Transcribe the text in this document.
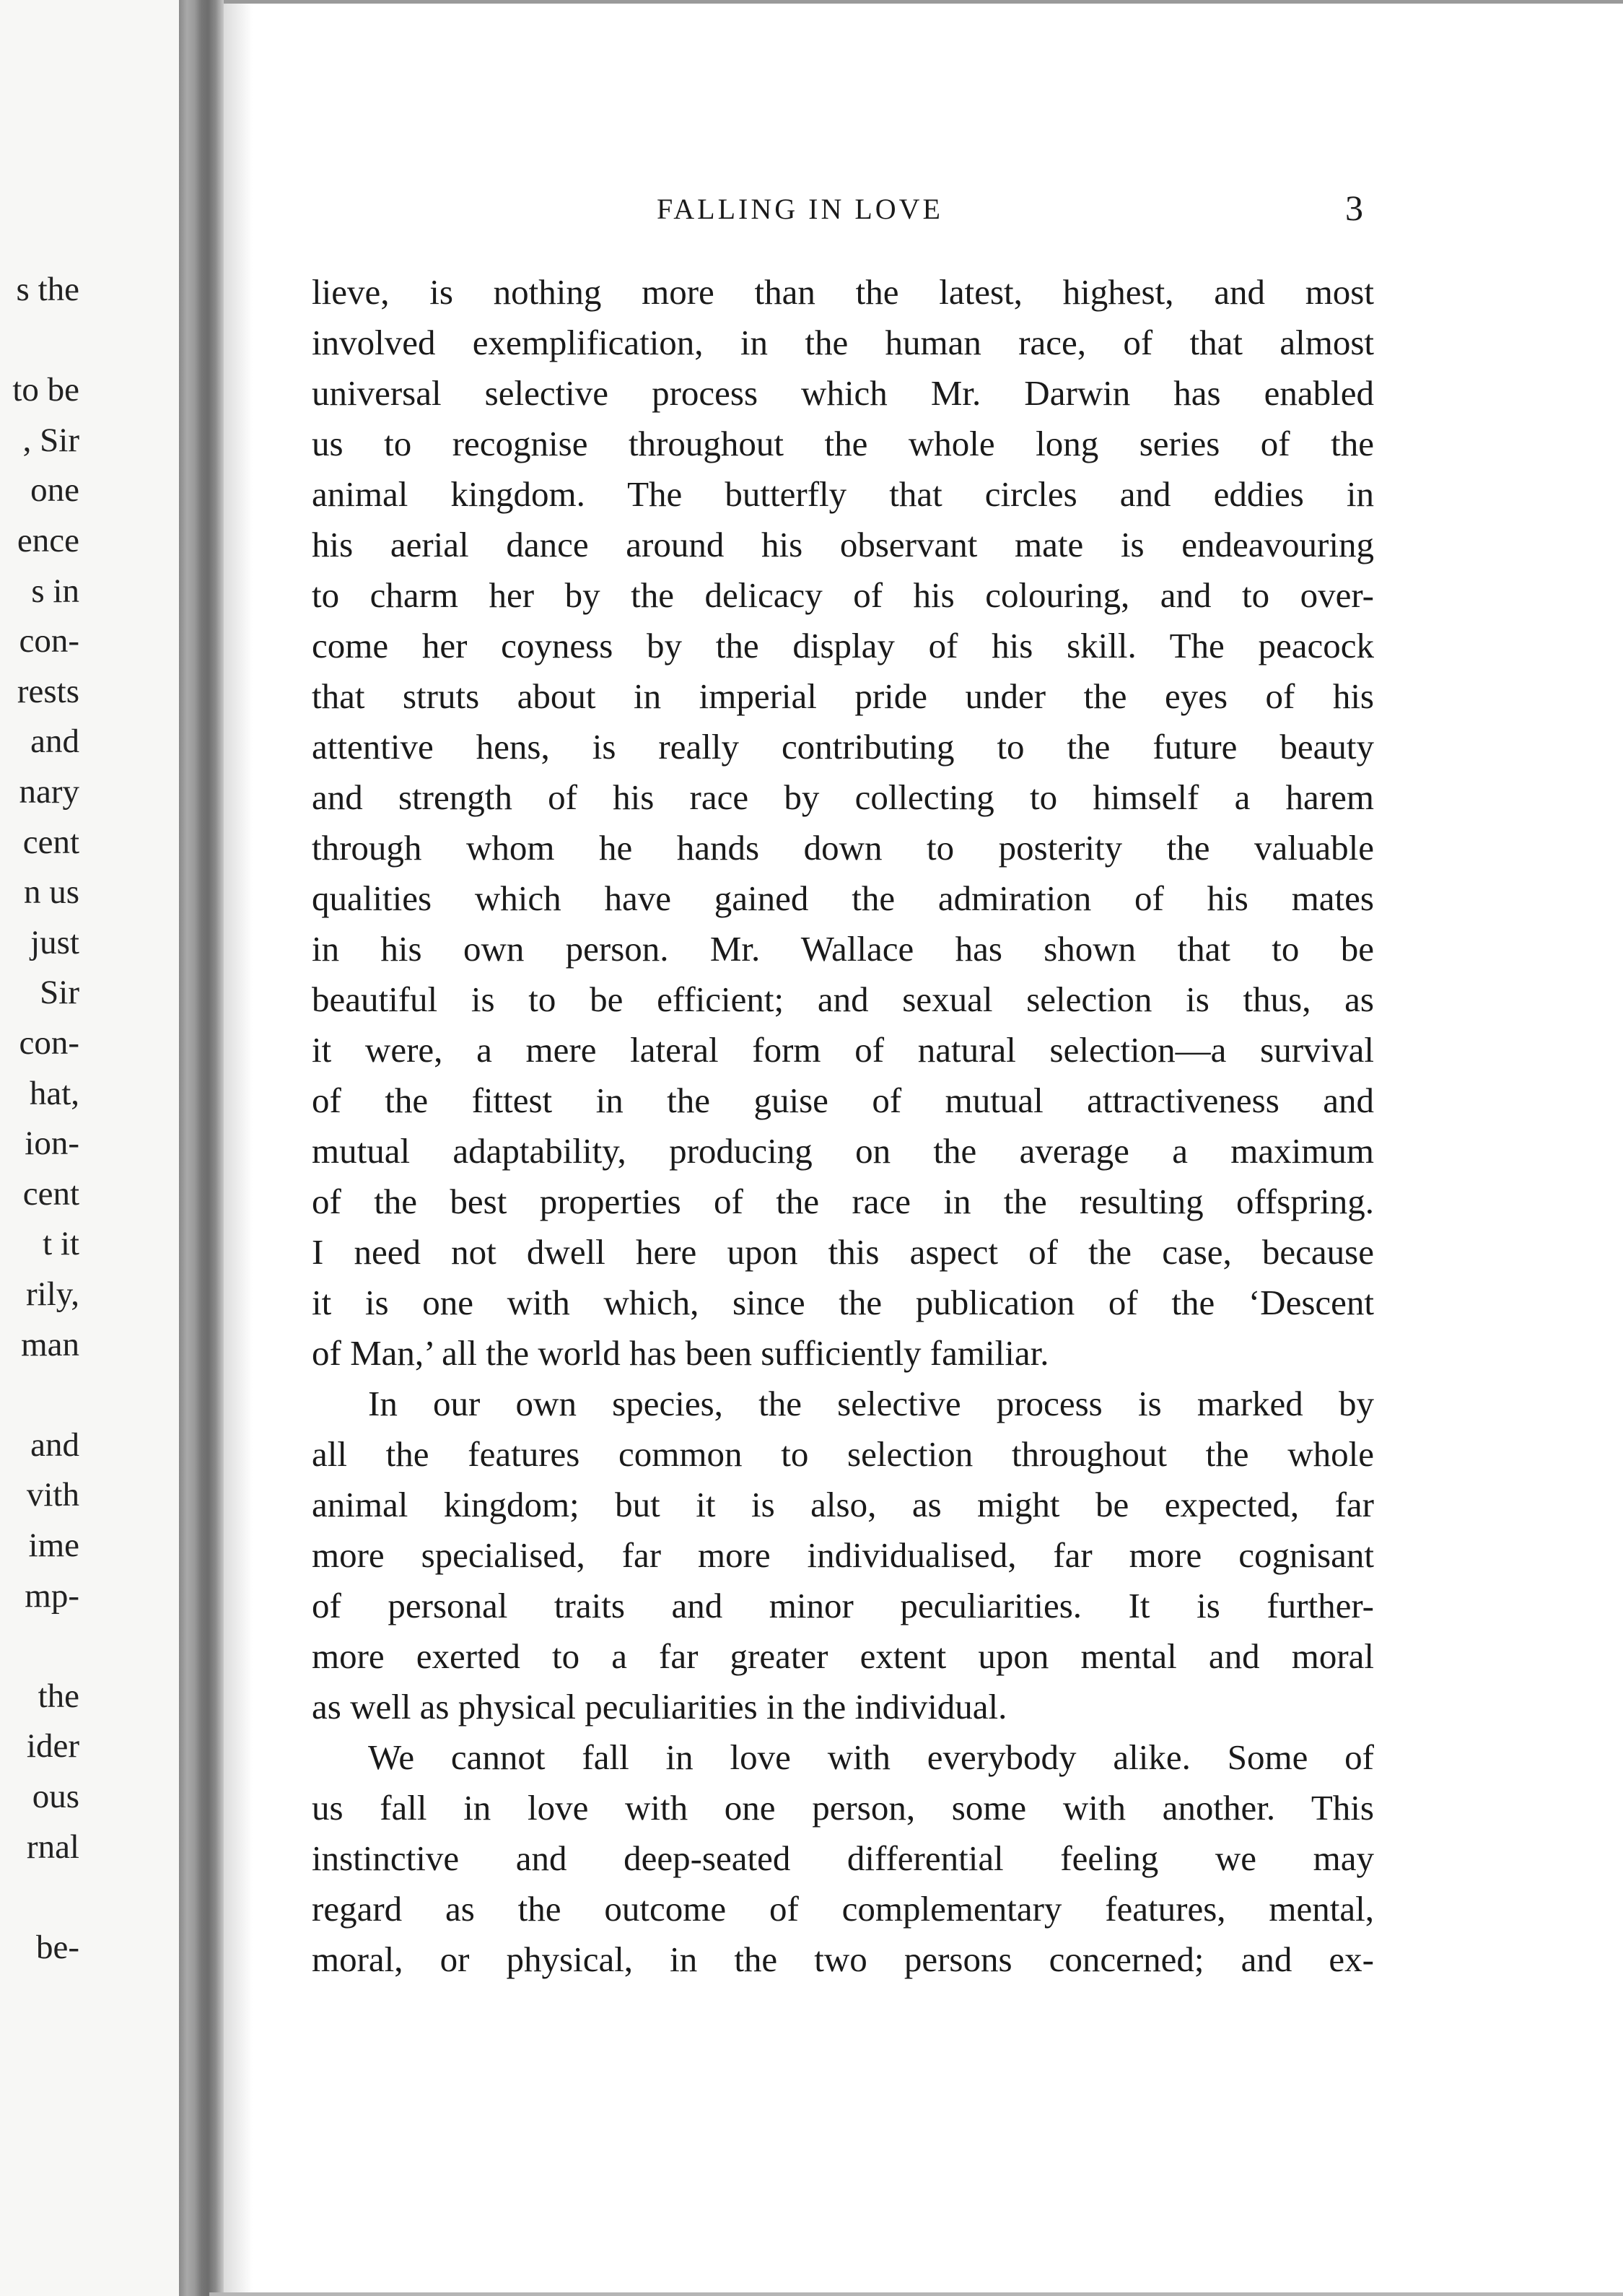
s the
to be
, Sir
one
ence
s in
con-
rests
and
nary
cent
n us
just
Sir
con-
hat,
ion-
cent
t it
rily,
man
and
vith
ime
mp-
the
ider
ous
rnal
be-
FALLING IN LOVE	3
lieve, is nothing more than the latest, highest, and most
involved exemplification, in the human race, of that almost
universal selective process which Mr. Darwin has enabled
us to recognise throughout the whole long series of the
animal kingdom. The butterfly that circles and eddies in
his aerial dance around his observant mate is endeavouring
to charm her by the delicacy of his colouring, and to over-
come her coyness by the display of his skill. The peacock
that struts about in imperial pride under the eyes of his
attentive hens, is really contributing to the future beauty
and strength of his race by collecting to himself a harem
through whom he hands down to posterity the valuable
qualities which have gained the admiration of his mates
in his own person. Mr. Wallace has shown that to be
beautiful is to be efficient; and sexual selection is thus, as
it were, a mere lateral form of natural selection—a survival
of the fittest in the guise of mutual attractiveness and
mutual adaptability, producing on the average a maximum
of the best properties of the race in the resulting offspring.
I need not dwell here upon this aspect of the case, because
it is one with which, since the publication of the ‘Descent
of Man,’ all the world has been sufficiently familiar.
In our own species, the selective process is marked by
all the features common to selection throughout the whole
animal kingdom; but it is also, as might be expected, far
more specialised, far more individualised, far more cognisant
of personal traits and minor peculiarities. It is further-
more exerted to a far greater extent upon mental and moral
as well as physical peculiarities in the individual.
We cannot fall in love with everybody alike. Some of
us fall in love with one person, some with another. This
instinctive and deep-seated differential feeling we may
regard as the outcome of complementary features, mental,
moral, or physical, in the two persons concerned; and ex-
